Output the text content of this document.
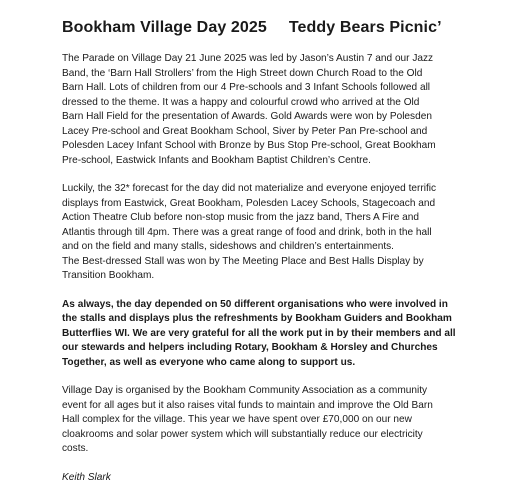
Bookham Village Day 2025 Teddy Bears Picnic’
The Parade on Village Day 21 June 2025 was led by Jason’s Austin 7 and our Jazz
Band, the ‘Barn Hall Strollers’ from the High Street down Church Road to the Old
Barn Hall. Lots of children from our 4 Pre-schools and 3 Infant Schools followed all
dressed to the theme. It was a happy and colourful crowd who arrived at the Old
Barn Hall Field for the presentation of Awards. Gold Awards were won by Polesden
Lacey Pre-school and Great Bookham School, Siver by Peter Pan Pre-school and
Polesden Lacey Infant School with Bronze by Bus Stop Pre-school, Great Bookham
Pre-school, Eastwick Infants and Bookham Baptist Children’s Centre.
Luckily, the 32* forecast for the day did not materialize and everyone enjoyed terrific
displays from Eastwick, Great Bookham, Polesden Lacey Schools, Stagecoach and
Action Theatre Club before non-stop music from the jazz band, Thers A Fire and
Atlantis through till 4pm. There was a great range of food and drink, both in the hall
and on the field and many stalls, sideshows and children’s entertainments.
The Best-dressed Stall was won by The Meeting Place and Best Halls Display by
Transition Bookham.
As always, the day depended on 50 different organisations who were involved in
the stalls and displays plus the refreshments by Bookham Guiders and Bookham
Butterflies WI. We are very grateful for all the work put in by their members and all
our stewards and helpers including Rotary, Bookham & Horsley and Churches
Together, as well as everyone who came along to support us.
Village Day is organised by the Bookham Community Association as a community
event for all ages but it also raises vital funds to maintain and improve the Old Barn
Hall complex for the village. This year we have spent over £70,000 on our new
cloakrooms and solar power system which will substantially reduce our electricity
costs.
Keith Slark
